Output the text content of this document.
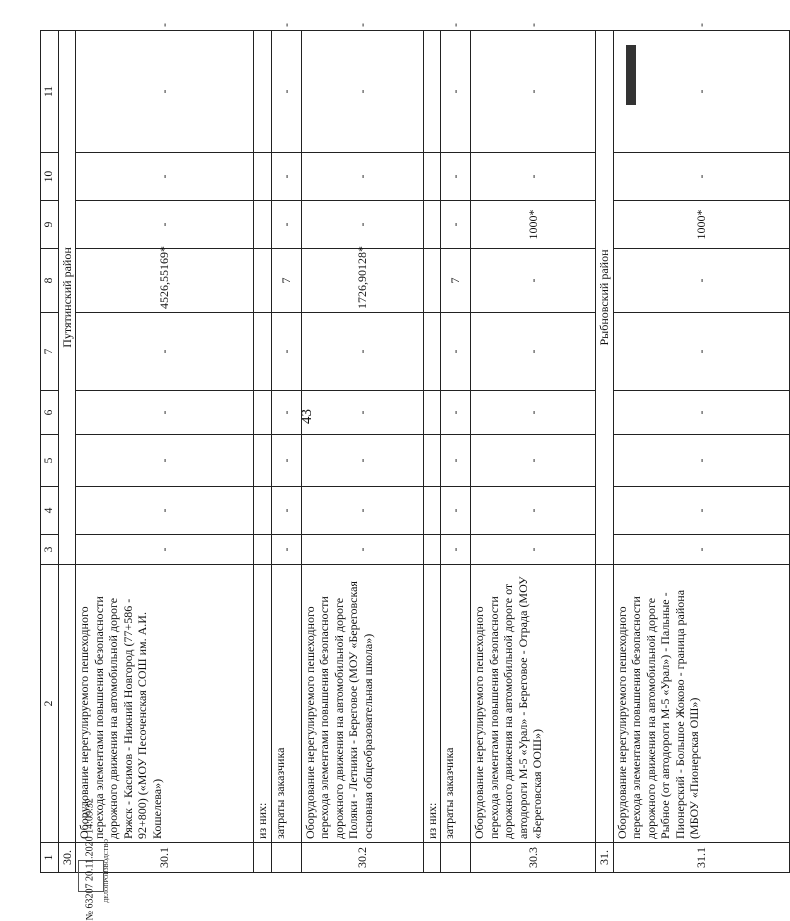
43
1	2	3	4	5	6	7	8	9	10	11	
30.		Путятинский район									
30.1	Оборудование нерегулируемого пешеходного перехода элементами повышения безопасности дорожного движения на автомобильной дороге Ряжск - Касимов - Нижний Новгород (77+586 - 92+800) («МОУ Песоченская СОШ им. А.И. Кошелева»)	-	-	-	-	-	4526,55169*	-	-	-	-
	из них:										
	затраты заказчика	-	-	-	-	-	7	-	-	-	-
30.2	Оборудование нерегулируемого пешеходного перехода элементами повышения безопасности дорожного движения на автомобильной дороге Поляки - Летники - Береговое (МОУ «Береговская основная общеобразовательная школа»)	-	-	-	-	-	1726,90128*	-	-	-	-
	из них:										
	затраты заказчика	-	-	-	-	-	7	-	-	-	-
30.3	Оборудование нерегулируемого пешеходного перехода элементами повышения безопасности дорожного движения на автомобильной дороге от автодороги М-5 «Урал» - Береговое - Отрада (МОУ «Береговская ООШ»)	-	-	-	-	-	-	1000*	-	-	-
31.		Рыбновский район									
31.1	Оборудование нерегулируемого пешеходного перехода элементами повышения безопасности дорожного движения на автомобильной дороге Рыбное (от автодороги М-5 «Урал») - Пальные - Пионерский - Большое Жоково - граница района (МБОУ «Пионерская ОШ»)	-	-	-	-	-	-	1000*	-	-	-
ДЕЛОПРОИЗВОДСТВО
№ 63207 20.11.2020 14:09:32
